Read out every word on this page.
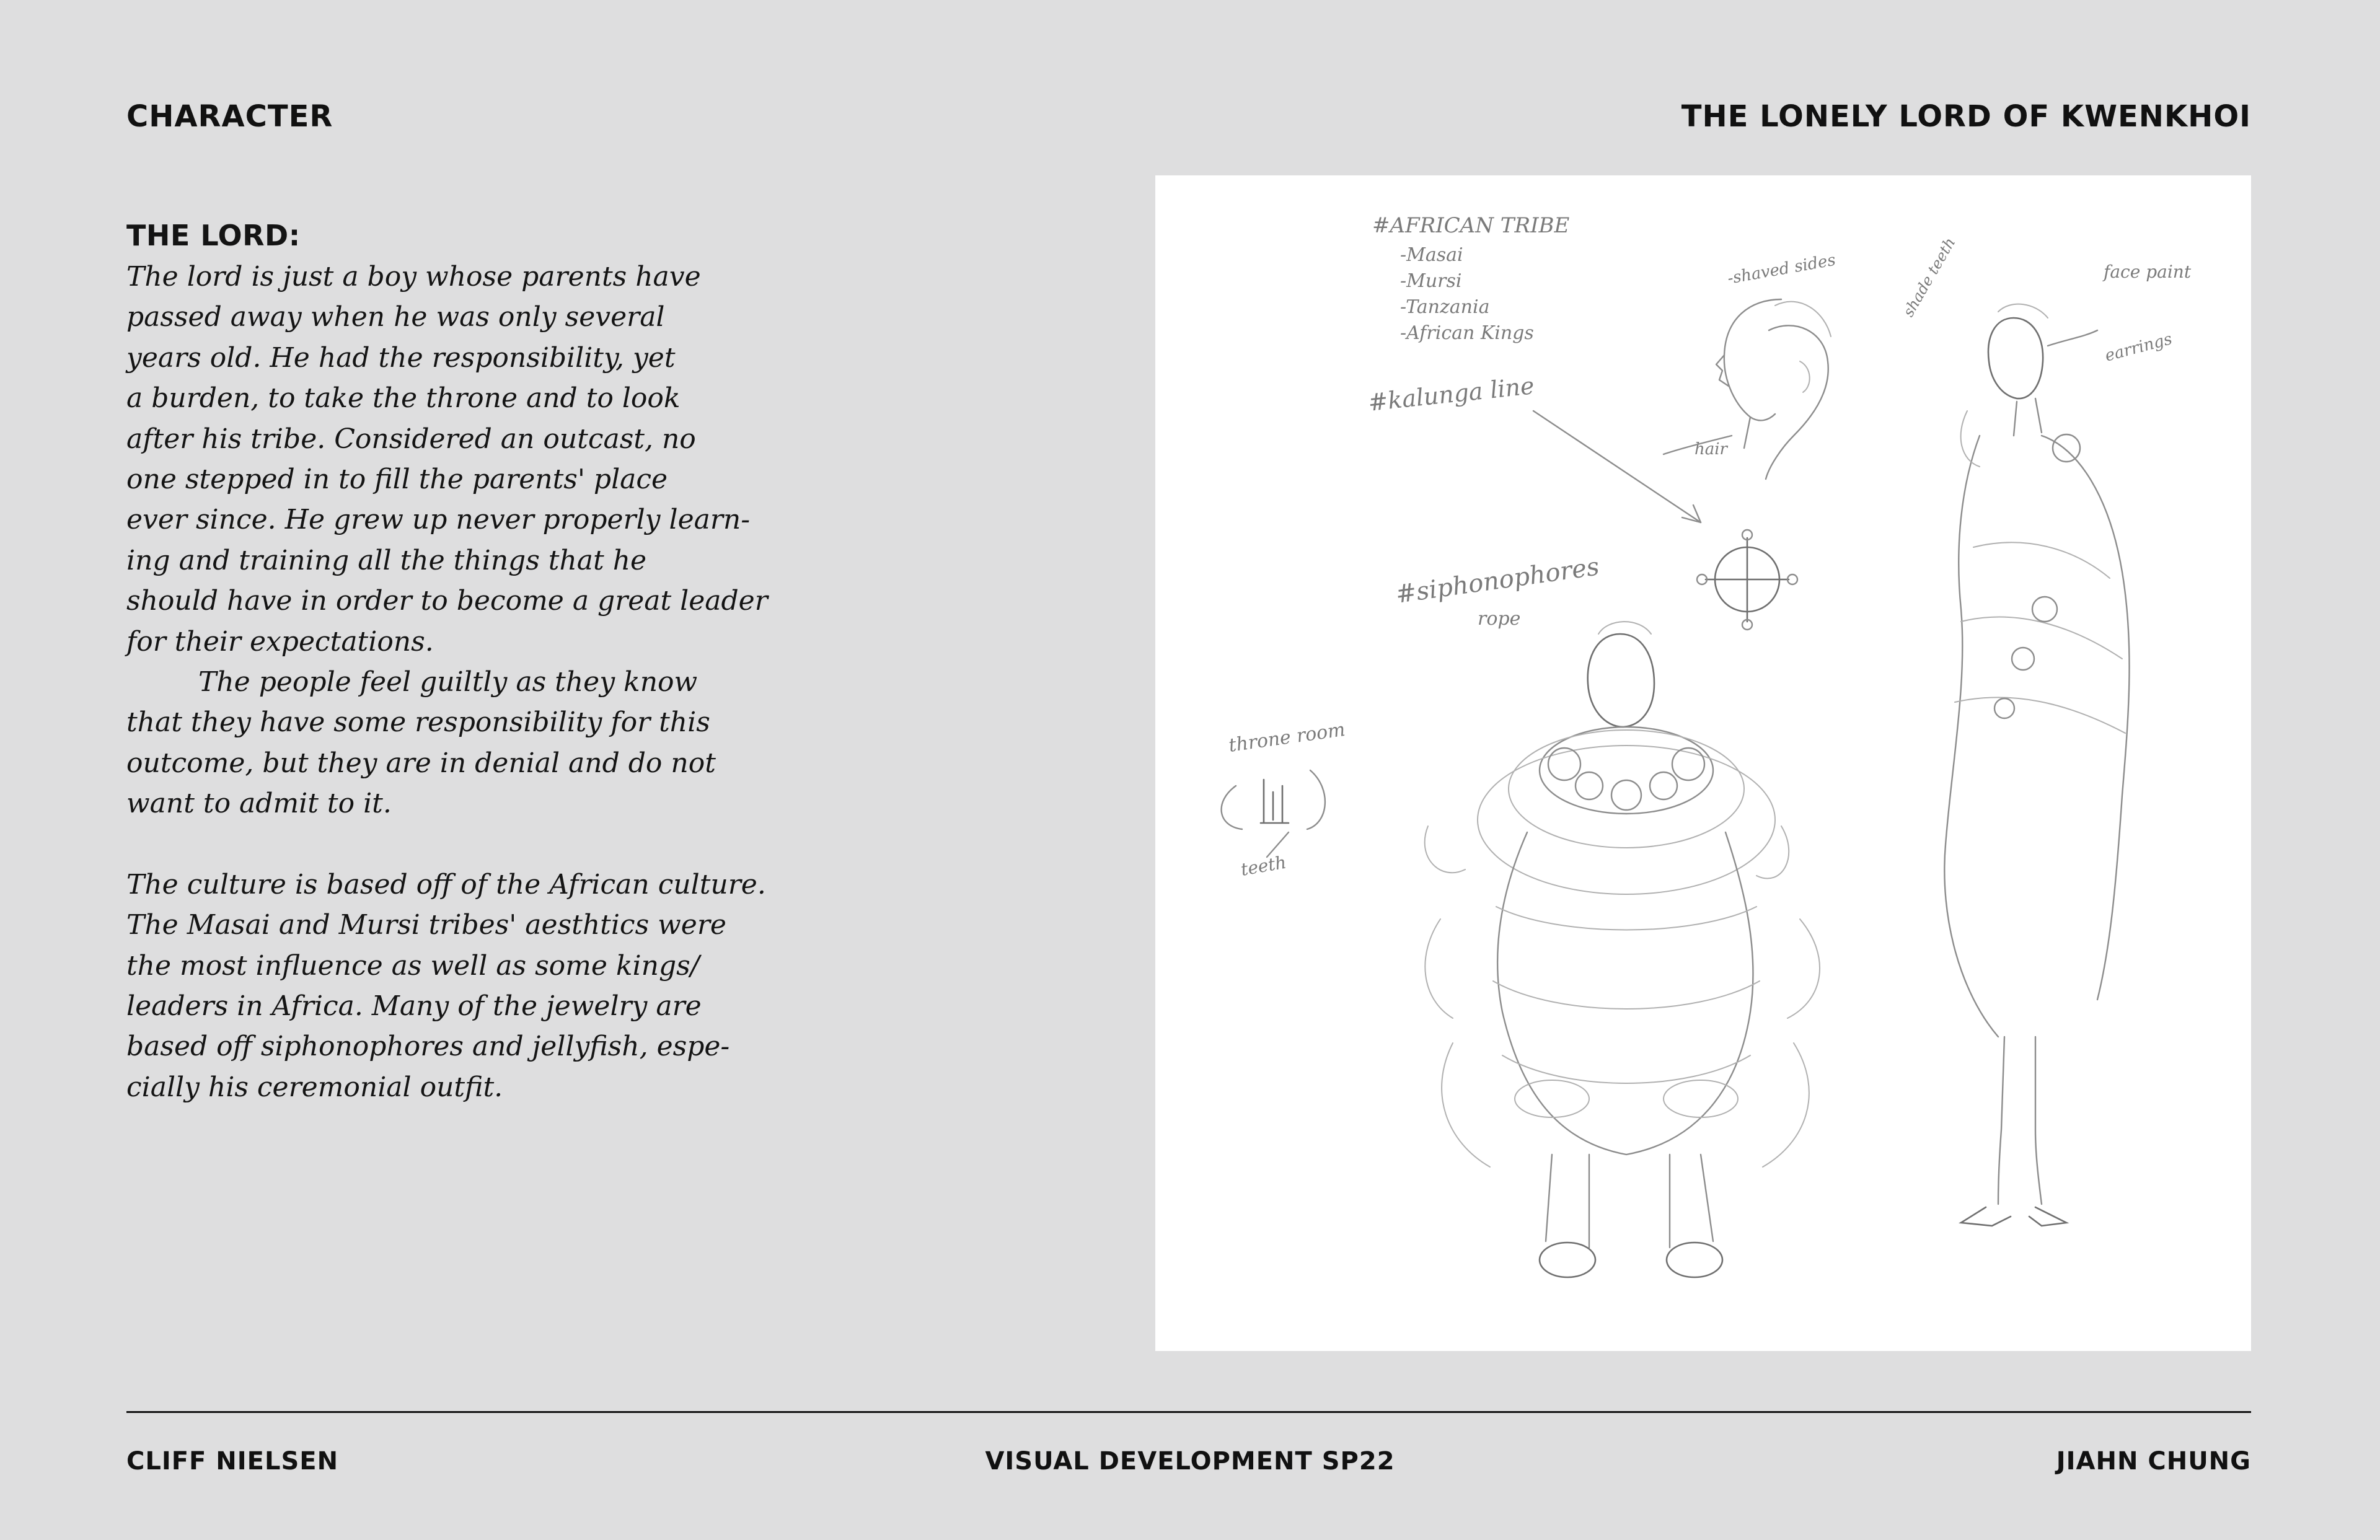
CHARACTER	THE LONELY LORD OF KWENKHOI
THE LORD:
The lord is just a boy whose parents have
passed away when he was only several
years old. He had the responsibility, yet
a burden, to take the throne and to look
after his tribe. Considered an outcast, no
one stepped in to fill the parents' place
ever since. He grew up never properly learn-
ing and training all the things that he
should have in order to become a great leader
for their expectations.
The people feel guiltly as they know
that they have some responsibility for this
outcome, but they are in denial and do not
want to admit to it.
The culture is based off of the African culture.
The Masai and Mursi tribes' aesthtics were
the most influence as well as some kings/
leaders in Africa. Many of the jewelry are
based off siphonophores and jellyfish, espe-
cially his ceremonial outfit.
#AFRICAN TRIBE
-Masai
-Mursi
-Tanzania
-African Kings
#kalunga line
#siphonophores
rope
throne room
teeth
-shaved sides
hair
shade teeth	face paint
earrings
CLIFF NIELSEN	VISUAL DEVELOPMENT SP22	JIAHN CHUNG
